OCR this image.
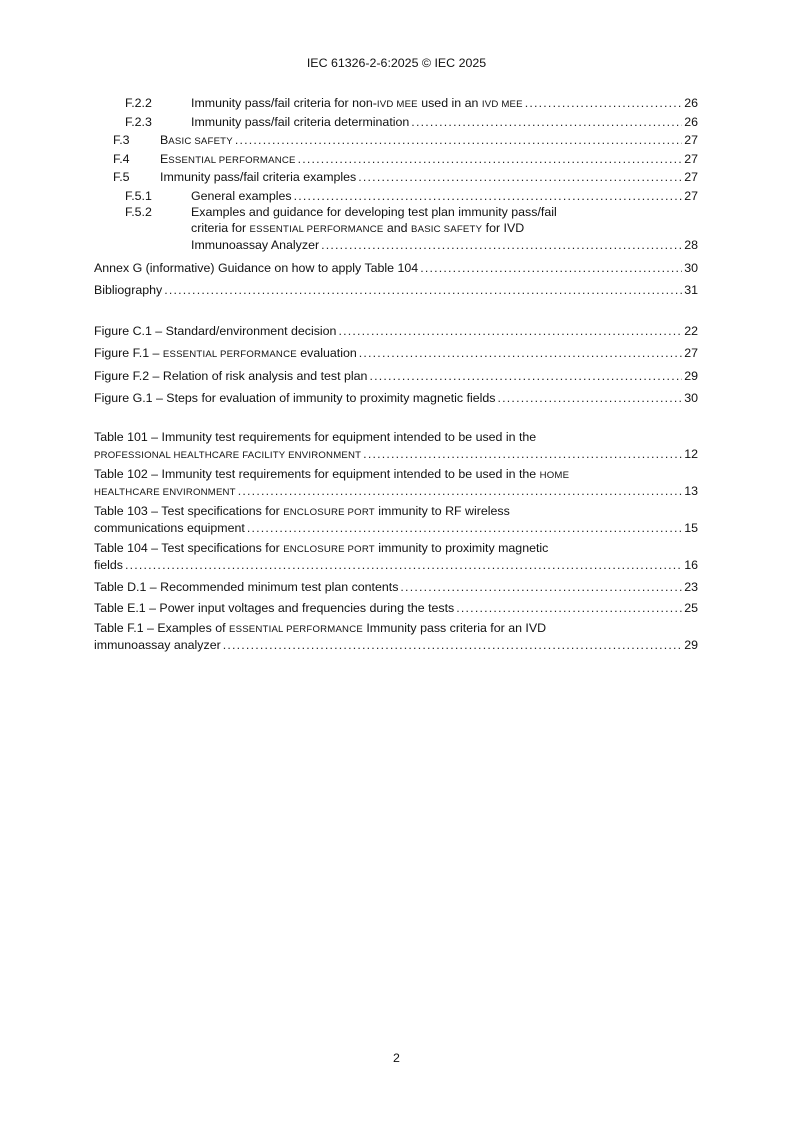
IEC 61326-2-6:2025 © IEC 2025
F.2.2	Immunity pass/fail criteria for non-IVD MEE used in an IVD MEE .....	26
F.2.3	Immunity pass/fail criteria determination .....	26
F.3	BASIC SAFETY .....	27
F.4	ESSENTIAL PERFORMANCE .....	27
F.5	Immunity pass/fail criteria examples .....	27
F.5.1	General examples .....	27
F.5.2	Examples and guidance for developing test plan immunity pass/fail
criteria for ESSENTIAL PERFORMANCE and BASIC SAFETY for IVD
Immunoassay Analyzer .....	28
Annex G (informative) Guidance on how to apply Table 104 .....	30
Bibliography .....	31
Figure C.1 – Standard/environment decision .....	22
Figure F.1 – ESSENTIAL PERFORMANCE evaluation .....	27
Figure F.2 – Relation of risk analysis and test plan .....	29
Figure G.1 – Steps for evaluation of immunity to proximity magnetic fields .....	30
Table 101 – Immunity test requirements for equipment intended to be used in the
PROFESSIONAL HEALTHCARE FACILITY ENVIRONMENT .....	12
Table 102 – Immunity test requirements for equipment intended to be used in the HOME
HEALTHCARE ENVIRONMENT .....	13
Table 103 – Test specifications for ENCLOSURE PORT immunity to RF wireless
communications equipment .....	15
Table 104 – Test specifications for ENCLOSURE PORT immunity to proximity magnetic
fields .....	16
Table D.1 – Recommended minimum test plan contents .....	23
Table E.1 – Power input voltages and frequencies during the tests .....	25
Table F.1 – Examples of ESSENTIAL PERFORMANCE Immunity pass criteria for an IVD
immunoassay analyzer .....	29
2
